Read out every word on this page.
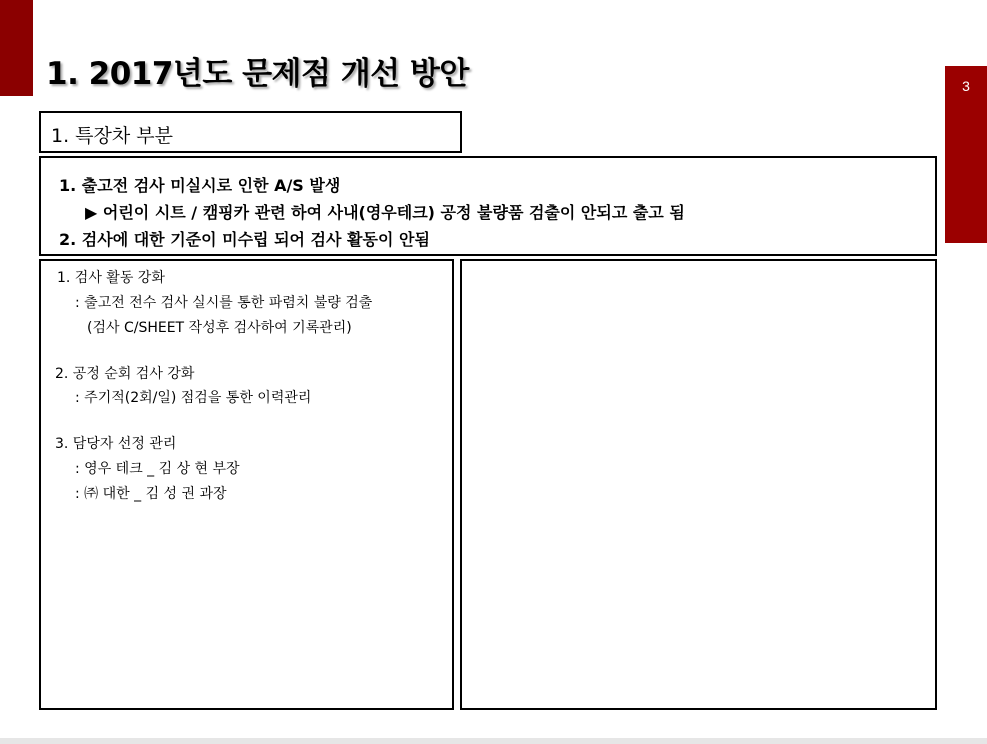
3
1. 2017년도 문제점 개선 방안
1. 특장차 부분
1. 출고전 검사 미실시로 인한 A/S 발생
▶ 어린이 시트 / 캠핑카 관련 하여 사내(영우테크) 공정 불량품 검출이 안되고 출고 됨
2. 검사에 대한 기준이 미수립 되어 검사 활동이 안됨
1. 검사 활동 강화
: 출고전 전수 검사 실시를 통한 파렴치 불량 검출
(검사 C/SHEET 작성후 검사하여 기록관리)
2. 공정 순회 검사 강화
: 주기적(2회/일) 점검을 통한 이력관리
3. 담당자 선정 관리
: 영우 테크 _ 김 상 현 부장
: ㈜ 대한 _ 김 성 권 과장
